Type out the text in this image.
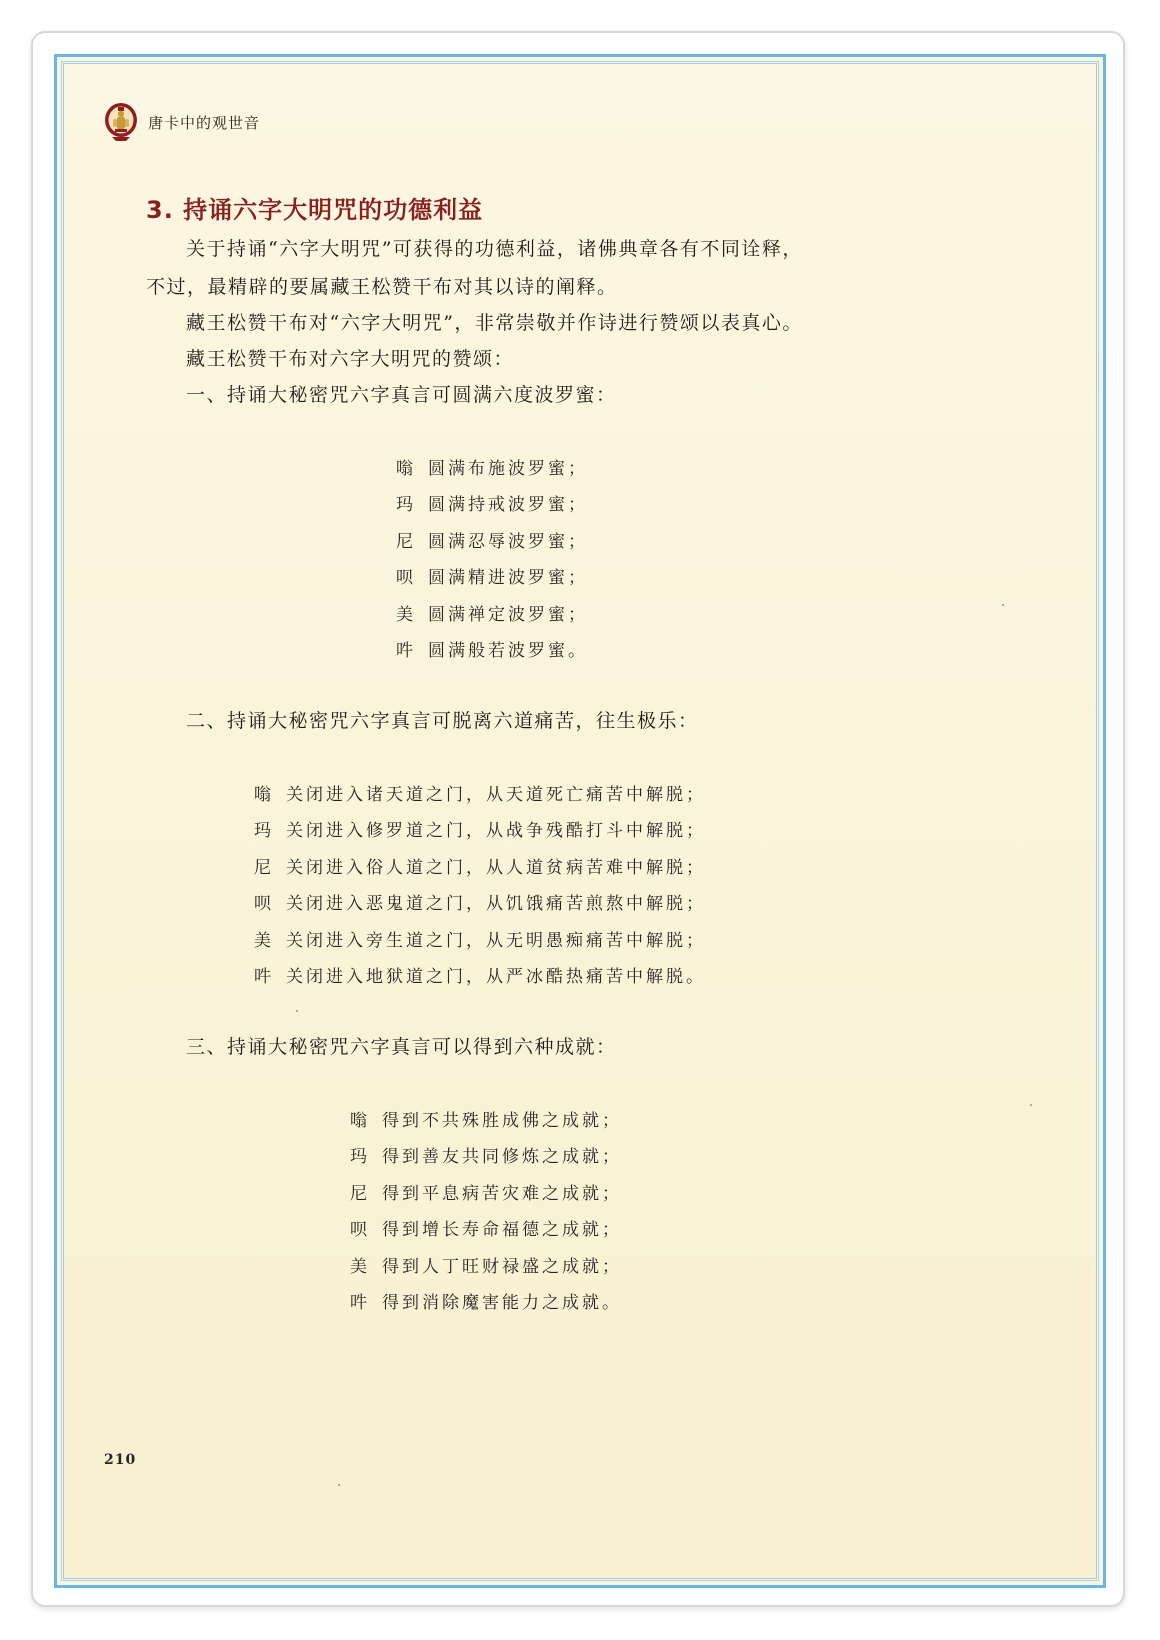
唐卡中的观世音
3. 持诵六字大明咒的功德利益
关于持诵“六字大明咒”可获得的功德利益，诸佛典章各有不同诠释，
不过，最精辟的要属藏王松赞干布对其以诗的阐释。
藏王松赞干布对“六字大明咒”，非常崇敬并作诗进行赞颂以表真心。
藏王松赞干布对六字大明咒的赞颂：
一、持诵大秘密咒六字真言可圆满六度波罗蜜：
嗡 圆满布施波罗蜜；
玛 圆满持戒波罗蜜；
尼 圆满忍辱波罗蜜；
呗 圆满精进波罗蜜；
美 圆满禅定波罗蜜；
吽 圆满般若波罗蜜。
二、持诵大秘密咒六字真言可脱离六道痛苦，往生极乐：
嗡 关闭进入诸天道之门，从天道死亡痛苦中解脱；
玛 关闭进入修罗道之门，从战争残酷打斗中解脱；
尼 关闭进入俗人道之门，从人道贫病苦难中解脱；
呗 关闭进入恶鬼道之门，从饥饿痛苦煎熬中解脱；
美 关闭进入旁生道之门，从无明愚痴痛苦中解脱；
吽 关闭进入地狱道之门，从严冰酷热痛苦中解脱。
三、持诵大秘密咒六字真言可以得到六种成就：
嗡 得到不共殊胜成佛之成就；
玛 得到善友共同修炼之成就；
尼 得到平息病苦灾难之成就；
呗 得到增长寿命福德之成就；
美 得到人丁旺财禄盛之成就；
吽 得到消除魔害能力之成就。
210
